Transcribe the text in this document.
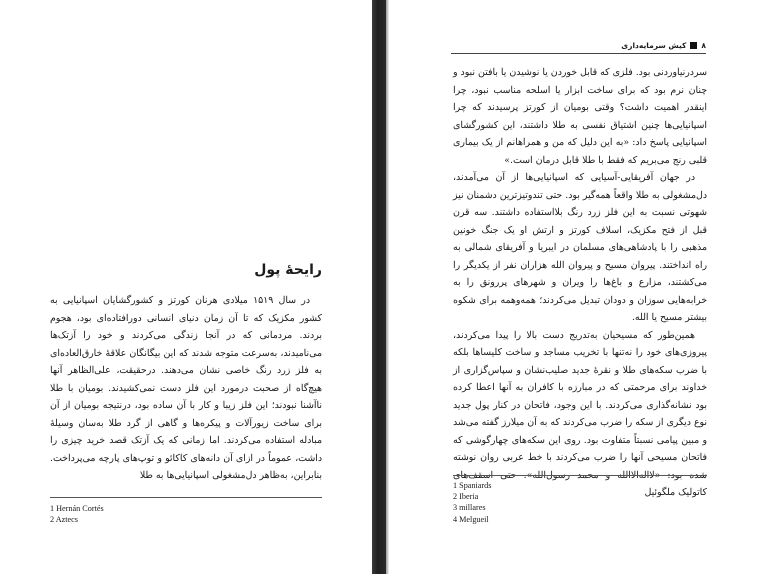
رایحهٔ پول

در سال ۱۵۱۹ میلادی هرنان کورتز و کشورگشایان اسپانیایی به کشور مکزیک که تا آن زمان دنیای انسانی دورافتاده‌ای بود، هجوم بردند. مردمانی که در آنجا زندگی می‌کردند و خود را آزتک‌ها می‌نامیدند، به‌سرعت متوجه شدند که این بیگانگان علاقهٔ خارق‌العاده‌ای به فلز زرد رنگ خاصی نشان می‌دهند. درحقیقت، علی‌الظاهر آنها هیچ‌گاه از صحبت درمورد این فلز دست نمی‌کشیدند. بومیان با طلا ناآشنا نبودند؛ این فلز زیبا و کار با آن ساده بود، درنتیجه بومیان از آن برای ساخت زیورآلات و پیکره‌ها و گاهی از گرد طلا به‌سان وسیلهٔ مبادله استفاده می‌کردند. اما زمانی که یک آزتک قصد خرید چیزی را داشت، عموماً در ازای آن دانه‌های کاکائو و توپ‌های پارچه می‌پرداخت. بنابراین، به‌ظاهر دل‌مشغولی اسپانیایی‌ها به طلا

1 Hernán Cortés
2 Aztecs
۸
کیش سرمایه‌داری

سردرنیاوردنی بود. فلزی که قابل خوردن یا نوشیدن یا بافتن نبود و چنان نرم بود که برای ساخت ابزار یا اسلحه مناسب نبود، چرا اینقدر اهمیت داشت؟ وقتی بومیان از کورتز پرسیدند که چرا اسپانیایی‌ها چنین اشتیاق نفسی به طلا داشتند، این کشورگشای اسپانیایی پاسخ داد: «به این دلیل که من و همراهانم از یک بیماری قلبی رنج می‌بریم که فقط با طلا قابل درمان است.»

در جهان آفریقایی-آسیایی که اسپانیایی‌ها از آن می‌آمدند، دل‌مشغولی به طلا واقعاً همه‌گیر بود. حتی تندوتیزترین دشمنان نیز شهوتی نسبت به این فلز زرد رنگ بلااستفاده داشتند. سه قرن قبل از فتح مکزیک، اسلاف کورتز و ارتش او یک جنگ خونین مذهبی را با پادشاهی‌های مسلمان در ایبریا و آفریقای شمالی به راه انداختند. پیروان مسیح و پیروان الله هزاران نفر از یکدیگر را می‌کشتند، مزارع و باغ‌ها را ویران و شهرهای پررونق را به خرابه‌هایی سوزان و دودان تبدیل می‌کردند؛ همه‌وهمه برای شکوه بیشتر مسیح یا الله.

همین‌طور که مسیحیان به‌تدریج دست بالا را پیدا می‌کردند، پیروزی‌های خود را نه‌تنها با تخریب مساجد و ساخت کلیساها بلکه با ضرب سکه‌های طلا و نقرهٔ جدید صلیب‌نشان و سپاس‌گزاری از خداوند برای مرحمتی که در مبارزه با کافران به آنها اعطا کرده بود نشانه‌گذاری می‌کردند. با این وجود، فاتحان در کنار پول جدید نوع دیگری از سکه را ضرب می‌کردند که به آن میلارز گفته می‌شد و مبین پیامی نسبتاً متفاوت بود. روی این سکه‌های چهارگوشی که فاتحان مسیحی آنها را ضرب می‌کردند با خط عربی روان نوشته شده بود: «لااله‌الاالله و محمد رسول‌الله». حتی اسقف‌های کاتولیک ملگوئیل

1 Spaniards
2 Iberia
3 millares
4 Melgueil
